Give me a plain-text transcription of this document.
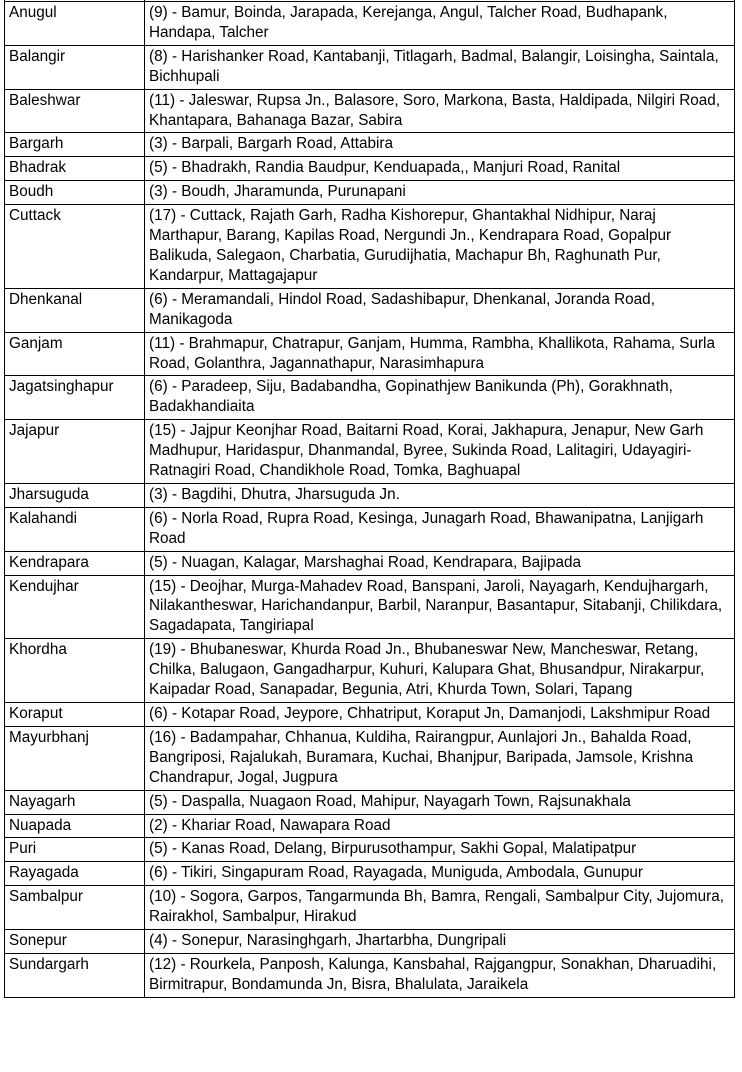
Anugul	(9) - Bamur, Boinda, Jarapada, Kerejanga, Angul, Talcher Road, Budhapank, Handapa, Talcher
Balangir	(8) - Harishanker Road, Kantabanji, Titlagarh, Badmal, Balangir, Loisingha, Saintala, Bichhupali
Baleshwar	(11) - Jaleswar, Rupsa Jn., Balasore, Soro, Markona, Basta, Haldipada, Nilgiri Road, Khantapara, Bahanaga Bazar, Sabira
Bargarh	(3) - Barpali, Bargarh Road, Attabira
Bhadrak	(5) - Bhadrakh, Randia Baudpur, Kenduapada,, Manjuri Road, Ranital
Boudh	(3) - Boudh, Jharamunda, Purunapani
Cuttack	(17) - Cuttack, Rajath Garh, Radha Kishorepur, Ghantakhal Nidhipur, Naraj Marthapur, Barang, Kapilas Road, Nergundi Jn., Kendrapara Road, Gopalpur Balikuda, Salegaon, Charbatia, Gurudijhatia, Machapur Bh, Raghunath Pur, Kandarpur, Mattagajapur
Dhenkanal	(6) - Meramandali, Hindol Road, Sadashibapur, Dhenkanal, Joranda Road, Manikagoda
Ganjam	(11) - Brahmapur, Chatrapur, Ganjam, Humma, Rambha, Khallikota, Rahama, Surla Road, Golanthra, Jagannathapur, Narasimhapura
Jagatsinghapur	(6) - Paradeep, Siju, Badabandha, Gopinathjew Banikunda (Ph), Gorakhnath, Badakhandiaita
Jajapur	(15) - Jajpur Keonjhar Road, Baitarni Road, Korai, Jakhapura, Jenapur, New Garh Madhupur, Haridaspur, Dhanmandal, Byree, Sukinda Road, Lalitagiri, Udayagiri-Ratnagiri Road, Chandikhole Road, Tomka, Baghuapal
Jharsuguda	(3) - Bagdihi, Dhutra, Jharsuguda Jn.
Kalahandi	(6) - Norla Road, Rupra Road, Kesinga, Junagarh Road, Bhawanipatna, Lanjigarh Road
Kendrapara	(5) - Nuagan, Kalagar, Marshaghai Road, Kendrapara, Bajipada
Kendujhar	(15) - Deojhar, Murga-Mahadev Road, Banspani, Jaroli, Nayagarh, Kendujhargarh, Nilakantheswar, Harichandanpur, Barbil, Naranpur, Basantapur, Sitabanji, Chilikdara, Sagadapata, Tangiriapal
Khordha	(19) - Bhubaneswar, Khurda Road Jn., Bhubaneswar New, Mancheswar, Retang, Chilka, Balugaon, Gangadharpur, Kuhuri, Kalupara Ghat, Bhusandpur, Nirakarpur, Kaipadar Road, Sanapadar, Begunia, Atri, Khurda Town, Solari, Tapang
Koraput	(6) - Kotapar Road, Jeypore, Chhatriput, Koraput Jn, Damanjodi, Lakshmipur Road
Mayurbhanj	(16) - Badampahar, Chhanua, Kuldiha, Rairangpur, Aunlajori Jn., Bahalda Road, Bangriposi, Rajalukah, Buramara, Kuchai, Bhanjpur, Baripada, Jamsole, Krishna Chandrapur, Jogal, Jugpura
Nayagarh	(5) - Daspalla, Nuagaon Road, Mahipur, Nayagarh Town, Rajsunakhala
Nuapada	(2) - Khariar Road, Nawapara Road
Puri	(5) - Kanas Road, Delang, Birpurusothampur, Sakhi Gopal, Malatipatpur
Rayagada	(6) - Tikiri, Singapuram Road, Rayagada, Muniguda, Ambodala, Gunupur
Sambalpur	(10) - Sogora, Garpos, Tangarmunda Bh, Bamra, Rengali, Sambalpur City, Jujomura, Rairakhol, Sambalpur, Hirakud
Sonepur	(4) - Sonepur, Narasinghgarh, Jhartarbha, Dungripali
Sundargarh	(12) - Rourkela, Panposh, Kalunga, Kansbahal, Rajgangpur, Sonakhan, Dharuadihi, Birmitrapur, Bondamunda Jn, Bisra, Bhalulata, Jaraikela
